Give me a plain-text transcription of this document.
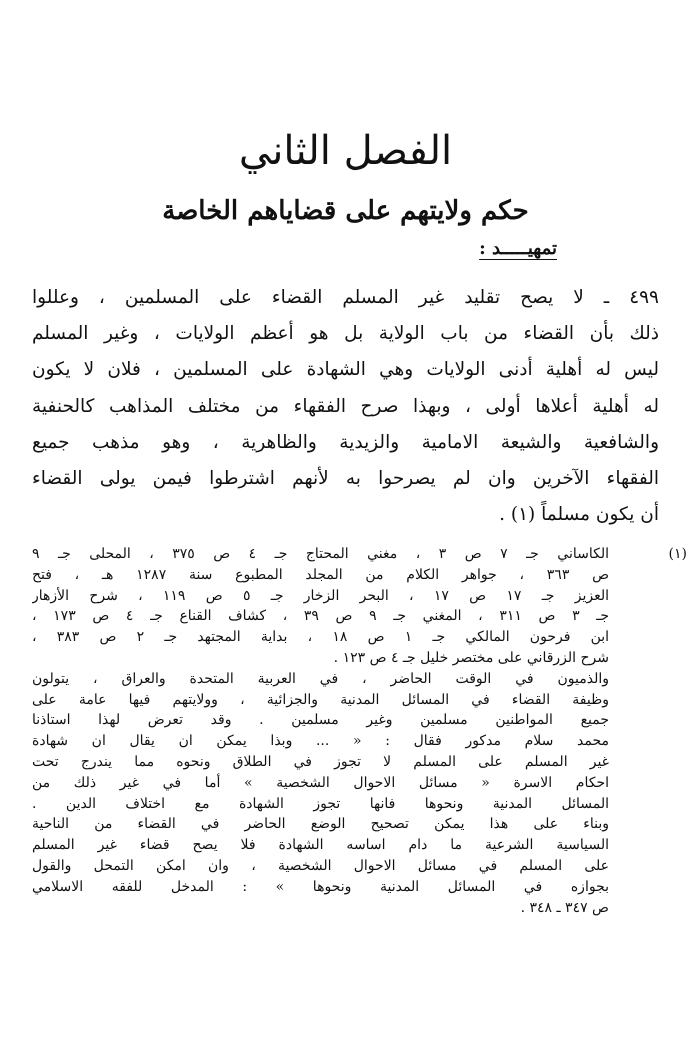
الفصل الثاني
حكم ولايتهم على قضاياهم الخاصة
تمهيـــــد :
٤٩٩ ـ لا يصح تقليد غير المسلم القضاء على المسلمين ، وعللوا
ذلك بأن القضاء من باب الولاية بل هو أعظم الولايات ، وغير المسلم
ليس له أهلية أدنى الولايات وهي الشهادة على المسلمين ، فلان لا يكون
له أهلية أعلاها أولى ، وبهذا صرح الفقهاء من مختلف المذاهب كالحنفية
والشافعية والشيعة الامامية والزيدية والظاهرية ، وهو مذهب جميع
الفقهاء الآخرين وان لم يصرحوا به لأنهم اشترطوا فيمن يولى القضاء
أن يكون مسلماً (١) .
(١)
الكاساني جـ ٧ ص ٣ ، مغني المحتاج جـ ٤ ص ٣٧٥ ، المحلى جـ ٩
ص ٣٦٣ ، جواهر الكلام من المجلد المطبوع سنة ١٢٨٧ هـ ، فتح
العزيز جـ ١٧ ص ١٧ ، البحر الزخار جـ ٥ ص ١١٩ ، شرح الأزهار
جـ ٣ ص ٣١١ ، المغني جـ ٩ ص ٣٩ ، كشاف القناع جـ ٤ ص ١٧٣ ،
ابن فرحون المالكي جـ ١ ص ١٨ ، بداية المجتهد جـ ٢ ص ٣٨٣ ،
شرح الزرقاني على مختصر خليل جـ ٤ ص ١٢٣ .
والذميون في الوقت الحاضر ، في العربية المتحدة والعراق ، يتولون
وظيفة القضاء في المسائل المدنية والجزائية ، وولايتهم فيها عامة على
جميع المواطنين مسلمين وغير مسلمين . وقد تعرض لهذا استاذنا
محمد سلام مدكور فقال : « ... وبذا يمكن ان يقال ان شهادة
غير المسلم على المسلم لا تجوز في الطلاق ونحوه مما يندرج تحت
احكام الاسرة « مسائل الاحوال الشخصية » أما في غير ذلك من
المسائل المدنية ونحوها فانها تجوز الشهادة مع اختلاف الدين .
وبناء على هذا يمكن تصحيح الوضع الحاضر في القضاء من الناحية
السياسية الشرعية ما دام اساسه الشهادة فلا يصح قضاء غير المسلم
على المسلم في مسائل الاحوال الشخصية ، وان امكن التمحل والقول
بجوازه في المسائل المدنية ونحوها » : المدخل للفقه الاسلامي
ص ٣٤٧ ـ ٣٤٨ .
